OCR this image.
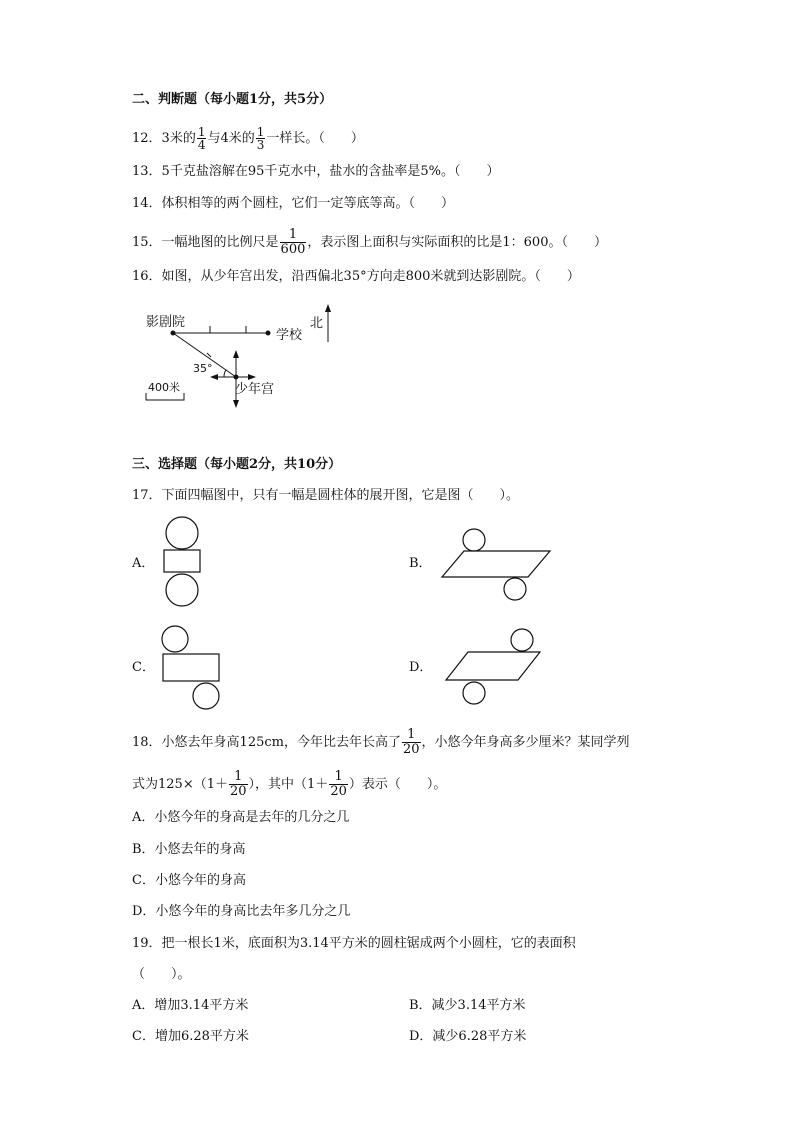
二、判断题（每小题1分，共5分）
12．3米的 $\frac{1}{4}$ 与4米的 $\frac{1}{3}$ 一样长。（　　）
13．5千克盐溶解在95千克水中，盐水的含盐率是5%。（　　）
14．体积相等的两个圆柱，它们一定等底等高。（　　）
15．一幅地图的比例尺是 $\frac{1}{600}$ ，表示图上面积与实际面积的比是1：600。（　　）
16．如图，从少年宫出发，沿西偏北35°方向走800米就到达影剧院。（　　）
影剧院
学校
北
35°
少年宫
400米
三、选择题（每小题2分，共10分）
17．下面四幅图中，只有一幅是圆柱体的展开图，它是图（　　）。
A．	B．
C．	D．
18．小悠去年身高125cm，今年比去年长高了 $\frac{1}{20}$ ，小悠今年身高多少厘米？某同学列
式为$125\times(1+ \frac{1}{20}$ ），其中（$1+ \frac{1}{20}$ ）表示（　　）。
A．小悠今年的身高是去年的几分之几
B．小悠去年的身高
C．小悠今年的身高
D．小悠今年的身高比去年多几分之几
19．把一根长1米，底面积为3.14平方米的圆柱锯成两个小圆柱，它的表面积
（　　）。
A．增加3.14平方米	B．减少3.14平方米
C．增加6.28平方米	D．减少6.28平方米
